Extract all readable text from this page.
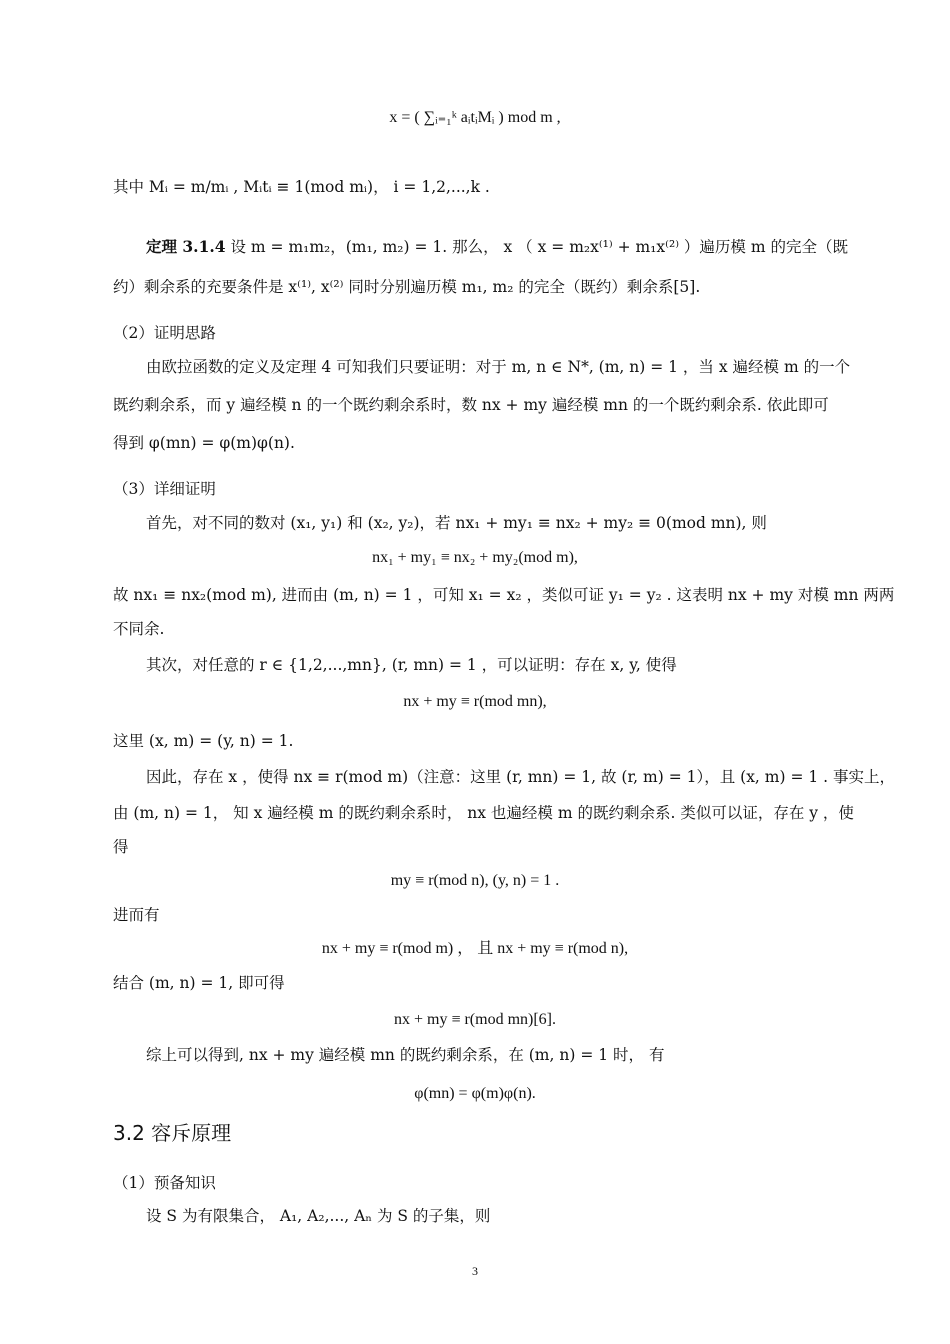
x = ( ∑ᵢ₌₁ᵏ aᵢtᵢMᵢ ) mod m ,
其中 Mᵢ = m/mᵢ , Mᵢtᵢ ≡ 1(mod mᵢ)， i = 1,2,...,k .
定理 3.1.4 设 m = m₁m₂，(m₁, m₂) = 1. 那么， x （ x = m₂x⁽¹⁾ + m₁x⁽²⁾ ）遍历模 m 的完全（既
约）剩余系的充要条件是 x⁽¹⁾, x⁽²⁾ 同时分别遍历模 m₁, m₂ 的完全（既约）剩余系[5].
（2）证明思路
由欧拉函数的定义及定理 4 可知我们只要证明：对于 m, n ∈ N*, (m, n) = 1 ，当 x 遍经模 m 的一个
既约剩余系，而 y 遍经模 n 的一个既约剩余系时，数 nx + my 遍经模 mn 的一个既约剩余系. 依此即可
得到 φ(mn) = φ(m)φ(n).
（3）详细证明
首先，对不同的数对 (x₁, y₁) 和 (x₂, y₂)，若 nx₁ + my₁ ≡ nx₂ + my₂ ≡ 0(mod mn), 则
nx₁ + my₁ ≡ nx₂ + my₂(mod m),
故 nx₁ ≡ nx₂(mod m), 进而由 (m, n) = 1 ，可知 x₁ = x₂ ，类似可证 y₁ = y₂ . 这表明 nx + my 对模 mn 两两
不同余.
其次，对任意的 r ∈ {1,2,...,mn}, (r, mn) = 1 ，可以证明：存在 x, y, 使得
nx + my ≡ r(mod mn),
这里 (x, m) = (y, n) = 1.
因此，存在 x ，使得 nx ≡ r(mod m)（注意：这里 (r, mn) = 1, 故 (r, m) = 1），且 (x, m) = 1 . 事实上，
由 (m, n) = 1， 知 x 遍经模 m 的既约剩余系时， nx 也遍经模 m 的既约剩余系. 类似可以证，存在 y ，使
得
my ≡ r(mod n), (y, n) = 1 .
进而有
nx + my ≡ r(mod m) ， 且 nx + my ≡ r(mod n),
结合 (m, n) = 1, 即可得
nx + my ≡ r(mod mn)[6].
综上可以得到, nx + my 遍经模 mn 的既约剩余系，在 (m, n) = 1 时， 有
φ(mn) = φ(m)φ(n).
3.2 容斥原理
（1）预备知识
设 S 为有限集合， A₁, A₂,..., Aₙ 为 S 的子集，则
3
